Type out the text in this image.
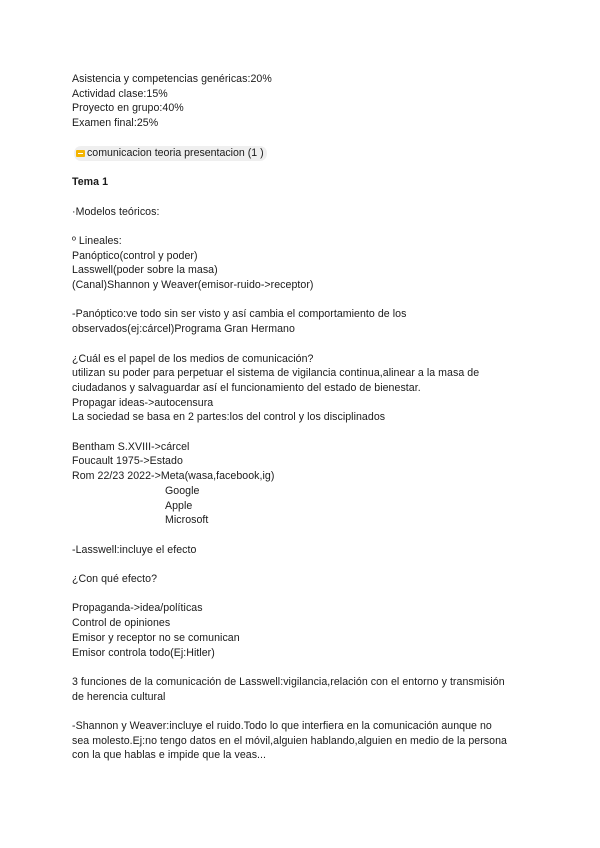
Asistencia y competencias genéricas:20%
Actividad clase:15%
Proyecto en grupo:40%
Examen final:25%
comunicacion teoria presentacion (1 )
Tema 1
·Modelos teóricos:
º Lineales:
Panóptico(control y poder)
Lasswell(poder sobre la masa)
(Canal)Shannon y Weaver(emisor-ruido->receptor)
-Panóptico:ve todo sin ser visto y así cambia el comportamiento de los
observados(ej:cárcel)Programa Gran Hermano
¿Cuál es el papel de los medios de comunicación?
utilizan su poder para perpetuar el sistema de vigilancia continua,alinear a la masa de
ciudadanos y salvaguardar así el funcionamiento del estado de bienestar.
Propagar ideas->autocensura
La sociedad se basa en 2 partes:los del control y los disciplinados
Bentham S.XVIII->cárcel
Foucault 1975->Estado
Rom 22/23 2022->Meta(wasa,facebook,ig)
Google
Apple
Microsoft
-Lasswell:incluye el efecto
¿Con qué efecto?
Propaganda->idea/políticas
Control de opiniones
Emisor y receptor no se comunican
Emisor controla todo(Ej:Hitler)
3 funciones de la comunicación de Lasswell:vigilancia,relación con el entorno y transmisión
de herencia cultural
-Shannon y Weaver:incluye el ruido.Todo lo que interfiera en la comunicación aunque no
sea molesto.Ej:no tengo datos en el móvil,alguien hablando,alguien en medio de la persona
con la que hablas e impide que la veas...
